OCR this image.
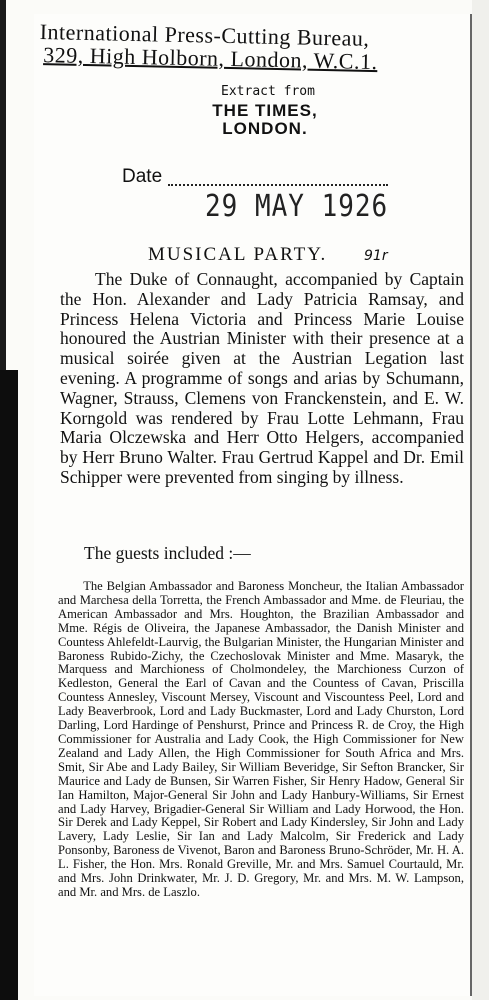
International Press-Cutting Bureau,
329, High Holborn, London, W.C.1.
Extract from
THE TIMES,
LONDON.
Date
29 MAY 1926
MUSICAL PARTY.	91r
The Duke of Connaught, accompanied by Captain the Hon. Alexander and Lady Patricia Ramsay, and Princess Helena Victoria and Princess Marie Louise honoured the Austrian Minister with their presence at a musical soirée given at the Austrian Legation last evening. A programme of songs and arias by Schumann, Wagner, Strauss, Clemens von Franckenstein, and E. W. Korngold was rendered by Frau Lotte Lehmann, Frau Maria Olczewska and Herr Otto Helgers, accompanied by Herr Bruno Walter. Frau Gertrud Kappel and Dr. Emil Schipper were prevented from singing by illness.
The guests included :—
The Belgian Ambassador and Baroness Moncheur, the Italian Ambassador and Marchesa della Torretta, the French Ambassador and Mme. de Fleuriau, the American Ambassador and Mrs. Houghton, the Brazilian Ambassador and Mme. Régis de Oliveira, the Japanese Ambassador, the Danish Minister and Countess Ahlefeldt-Laurvig, the Bulgarian Minister, the Hungarian Minister and Baroness Rubido-Zichy, the Czechoslovak Minister and Mme. Masaryk, the Marquess and Marchioness of Cholmondeley, the Marchioness Curzon of Kedleston, General the Earl of Cavan and the Countess of Cavan, Priscilla Countess Annesley, Viscount Mersey, Viscount and Viscountess Peel, Lord and Lady Beaverbrook, Lord and Lady Buckmaster, Lord and Lady Churston, Lord Darling, Lord Hardinge of Penshurst, Prince and Princess R. de Croy, the High Commissioner for Australia and Lady Cook, the High Commissioner for New Zealand and Lady Allen, the High Commissioner for South Africa and Mrs. Smit, Sir Abe and Lady Bailey, Sir William Beveridge, Sir Sefton Brancker, Sir Maurice and Lady de Bunsen, Sir Warren Fisher, Sir Henry Hadow, General Sir Ian Hamilton, Major-General Sir John and Lady Hanbury-Williams, Sir Ernest and Lady Harvey, Brigadier-General Sir William and Lady Horwood, the Hon. Sir Derek and Lady Keppel, Sir Robert and Lady Kindersley, Sir John and Lady Lavery, Lady Leslie, Sir Ian and Lady Malcolm, Sir Frederick and Lady Ponsonby, Baroness de Vivenot, Baron and Baroness Bruno-Schröder, Mr. H. A. L. Fisher, the Hon. Mrs. Ronald Greville, Mr. and Mrs. Samuel Courtauld, Mr. and Mrs. John Drinkwater, Mr. J. D. Gregory, Mr. and Mrs. M. W. Lampson, and Mr. and Mrs. de Laszlo.
